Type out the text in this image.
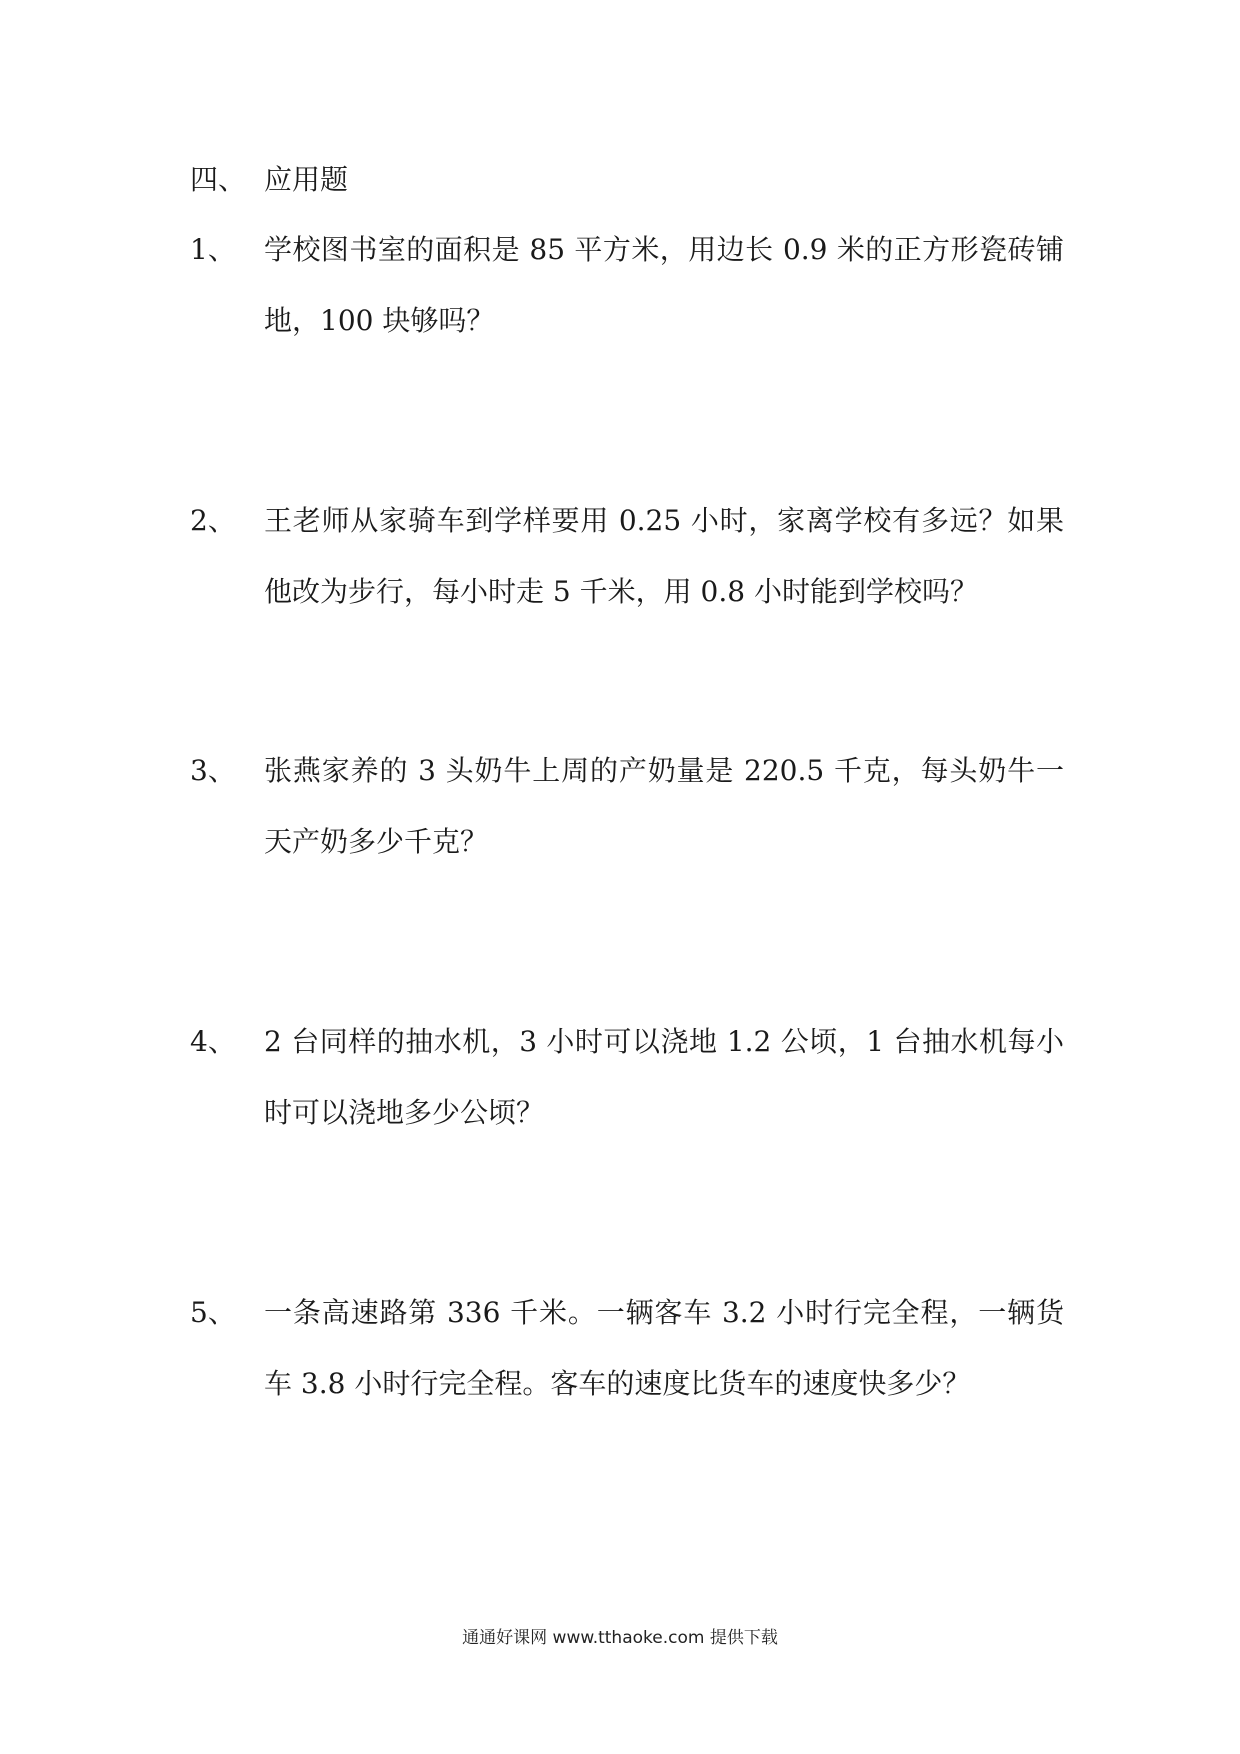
四、 应用题
1、	学校图书室的面积是 85 平方米，用边长 0.9 米的正方形瓷砖铺地，100 块够吗？
2、	王老师从家骑车到学样要用 0.25 小时，家离学校有多远？如果他改为步行，每小时走 5 千米，用 0.8 小时能到学校吗？
3、	张燕家养的 3 头奶牛上周的产奶量是 220.5 千克，每头奶牛一天产奶多少千克？
4、	2 台同样的抽水机，3 小时可以浇地 1.2 公顷，1 台抽水机每小时可以浇地多少公顷？
5、	一条高速路第 336 千米。一辆客车 3.2 小时行完全程，一辆货车 3.8 小时行完全程。客车的速度比货车的速度快多少？
通通好课网 www.tthaoke.com 提供下载
